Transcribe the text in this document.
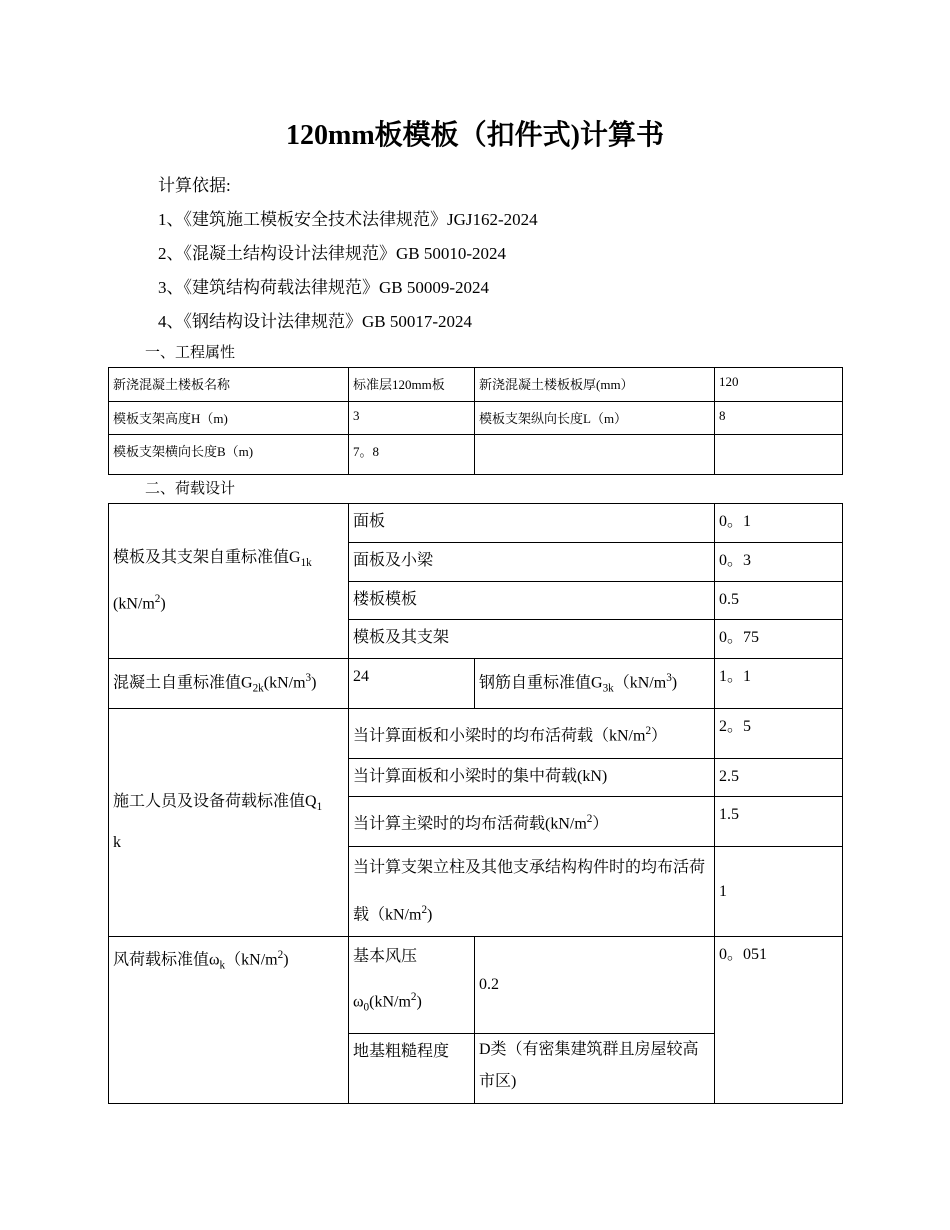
120mm板模板（扣件式)计算书
计算依据:
1、《建筑施工模板安全技术法律规范》JGJ162-2024
2、《混凝土结构设计法律规范》GB 50010-2024
3、《建筑结构荷载法律规范》GB 50009-2024
4、《钢结构设计法律规范》GB 50017-2024
一、工程属性
新浇混凝土楼板名称	标准层120mm板	新浇混凝土楼板板厚(mm）	120
模板支架高度H（m)	3	模板支架纵向长度L（m）	8
模板支架横向长度B（m)	7。8		
二、荷载设计
模板及其支架自重标准值$G_{1k}$
$(kN/m^2)$	面板		0。1
	面板及小梁		0。3
	楼板模板		0.5
	模板及其支架		0。75
混凝土自重标准值$G_{2k}(kN/m^3)$	24	钢筋自重标准值$G_{3k}(kN/m^3)$	1。1
施工人员及设备荷载标准值$Q_1$
k	当计算面板和小梁时的均布活荷载$(kN/m^2)$		2。5
	当计算面板和小梁时的集中荷载(kN)		2.5
	当计算主梁时的均布活荷载$(kN/m^2)$		1.5
	当计算支架立柱及其他支承结构构件时的均布活荷载$(kN/m^2)$		1
风荷载标准值$\omega_k(kN/m^2)$	基本风压$\omega_0(kN/m^2)$	0.2	0。051
	地基粗糙程度	D类（有密集建筑群且房屋较高市区)	
